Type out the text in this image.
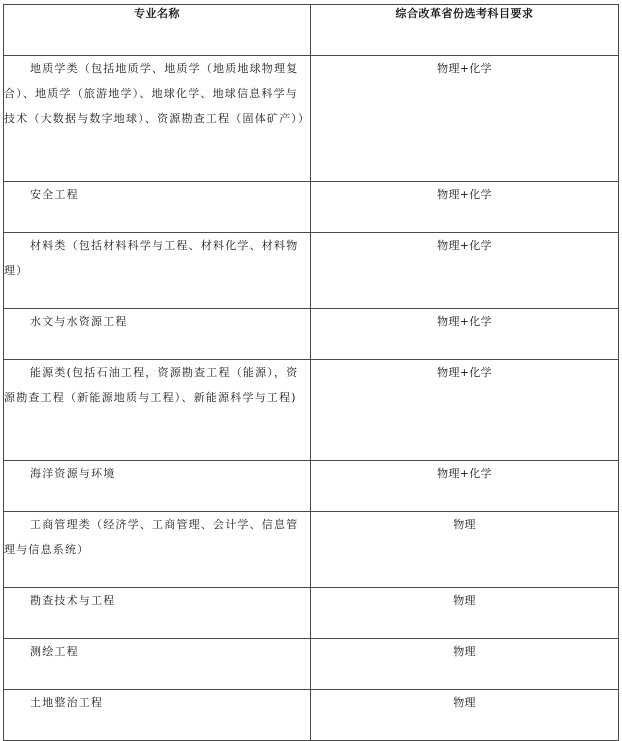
专业名称	综合改革省份选考科目要求
地质学类（包括地质学、地质学（地质地球物理复合）、地质学（旅游地学）、地球化学、地球信息科学与技术（大数据与数字地球）、资源勘查工程（固体矿产））	物理+化学
安全工程	物理+化学
材料类（包括材料科学与工程、材料化学、材料物理）	物理+化学
水文与水资源工程	物理+化学
能源类(包括石油工程，资源勘查工程（能源），资源勘查工程（新能源地质与工程）、新能源科学与工程)	物理+化学
海洋资源与环境	物理+化学
工商管理类（经济学、工商管理、会计学、信息管理与信息系统）	物理
勘查技术与工程	物理
测绘工程	物理
土地整治工程	物理
